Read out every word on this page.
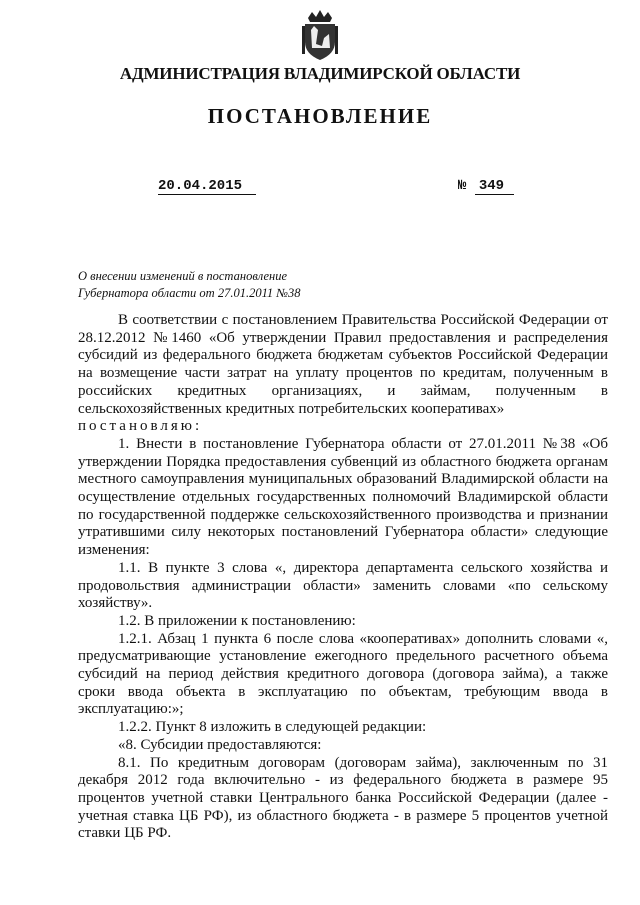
АДМИНИСТРАЦИЯ ВЛАДИМИРСКОЙ ОБЛАСТИ
ПОСТАНОВЛЕНИЕ
20.04.2015	№ 349
О внесении изменений в постановление
Губернатора области от 27.01.2011 №38

В соответствии с постановлением Правительства Российской Федерации от 28.12.2012 №1460 «Об утверждении Правил предоставления и распределения субсидий из федерального бюджета бюджетам субъектов Российской Федерации на возмещение части затрат на уплату процентов по кредитам, полученным в российских кредитных организациях, и займам, полученным в сельскохозяйственных кредитных потребительских кооперативах»

постановляю:

1. Внести в постановление Губернатора области от 27.01.2011 №38 «Об утверждении Порядка предоставления субвенций из областного бюджета органам местного самоуправления муниципальных образований Владимирской области на осуществление отдельных государственных полномочий Владимирской области по государственной поддержке сельскохозяйственного производства и признании утратившими силу некоторых постановлений Губернатора области» следующие изменения:

1.1. В пункте 3 слова «, директора департамента сельского хозяйства и продовольствия администрации области» заменить словами «по сельскому хозяйству».

1.2. В приложении к постановлению:

1.2.1. Абзац 1 пункта 6 после слова «кооперативах» дополнить словами «, предусматривающие установление ежегодного предельного расчетного объема субсидий на период действия кредитного договора (договора займа), а также сроки ввода объекта в эксплуатацию по объектам, требующим ввода в эксплуатацию:»;

1.2.2. Пункт 8 изложить в следующей редакции:

«8. Субсидии предоставляются:

8.1. По кредитным договорам (договорам займа), заключенным по 31 декабря 2012 года включительно - из федерального бюджета в размере 95 процентов учетной ставки Центрального банка Российской Федерации (далее - учетная ставка ЦБ РФ), из областного бюджета - в размере 5 процентов учетной ставки ЦБ РФ.
